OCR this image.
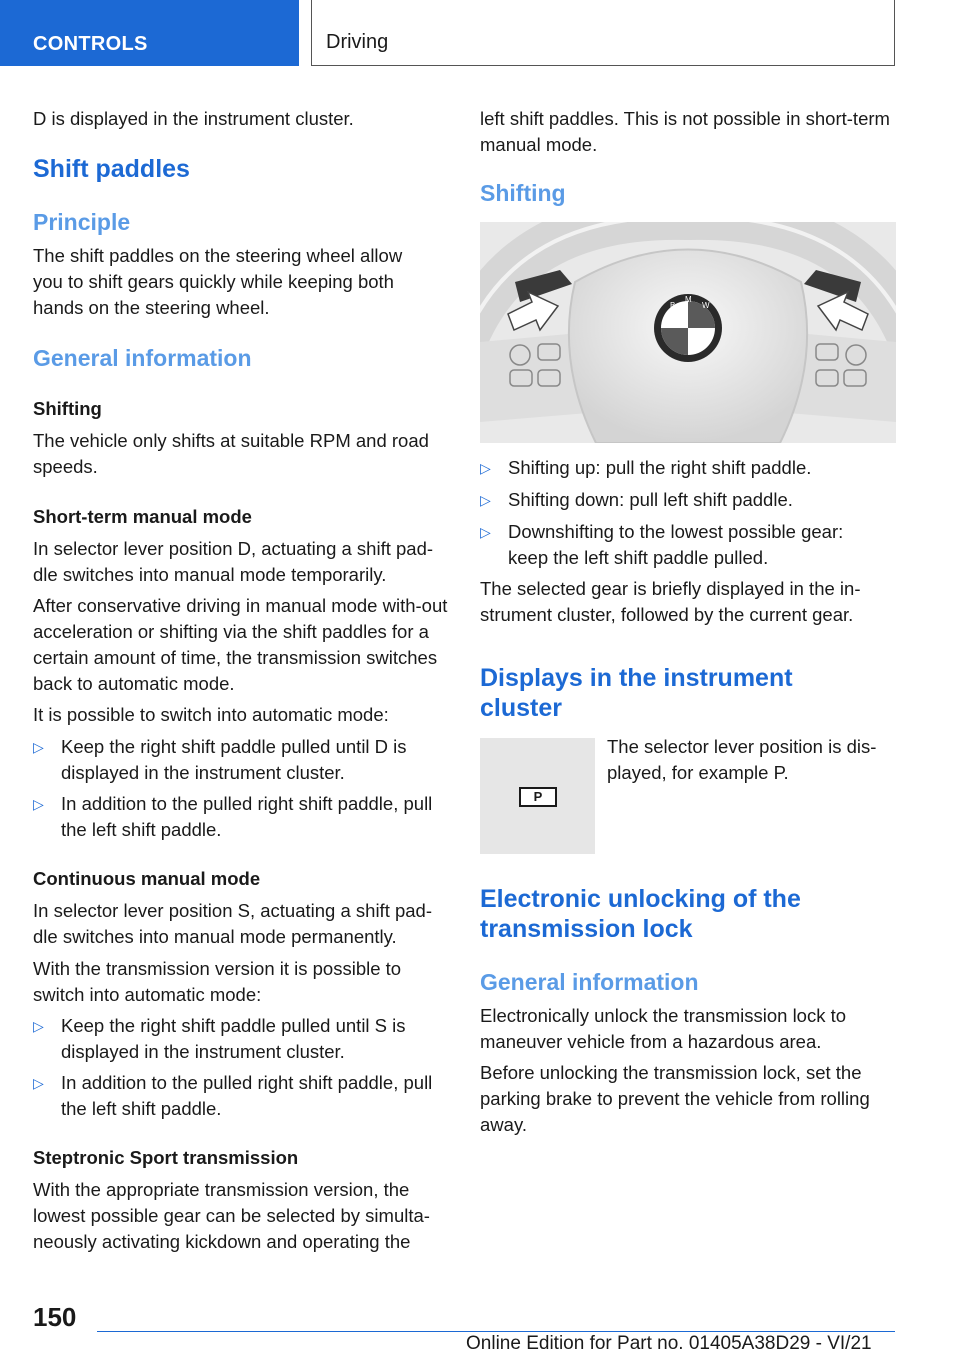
CONTROLS	Driving

D is displayed in the instrument cluster.

Shift paddles
Principle

The shift paddles on the steering wheel allow you to shift gears quickly while keeping both hands on the steering wheel.

General information
Shifting

The vehicle only shifts at suitable RPM and road speeds.

Short-term manual mode

In selector lever position D, actuating a shift pad‐dle switches into manual mode temporarily.

After conservative driving in manual mode with‐out acceleration or shifting via the shift paddles for a certain amount of time, the transmission switches back to automatic mode.

It is possible to switch into automatic mode:

▷ Keep the right shift paddle pulled until D is
displayed in the instrument cluster.
▷ In addition to the pulled right shift paddle, pull
the left shift paddle.
Continuous manual mode

In selector lever position S, actuating a shift pad‐dle switches into manual mode permanently.

With the transmission version it is possible to switch into automatic mode:

▷ Keep the right shift paddle pulled until S is
displayed in the instrument cluster.
▷ In addition to the pulled right shift paddle, pull
the left shift paddle.
Steptronic Sport transmission

With the appropriate transmission version, the lowest possible gear can be selected by simulta‐neously activating kickdown and operating the

left shift paddles. This is not possible in short‐term manual mode.

Shifting
B
M
W
▷ Shifting up: pull the right shift paddle.
▷ Shifting down: pull left shift paddle.
▷ Downshifting to the lowest possible gear:
keep the left shift paddle pulled.

The selected gear is briefly displayed in the in‐strument cluster, followed by the current gear.

Displays in the instrument
cluster
P

The selector lever position is dis‐played, for example P.

Electronic unlocking of the
transmission lock
General information

Electronically unlock the transmission lock to maneuver vehicle from a hazardous area.

Before unlocking the transmission lock, set the parking brake to prevent the vehicle from rolling away.

150
Online Edition for Part no. 01405A38D29 - VI/21
